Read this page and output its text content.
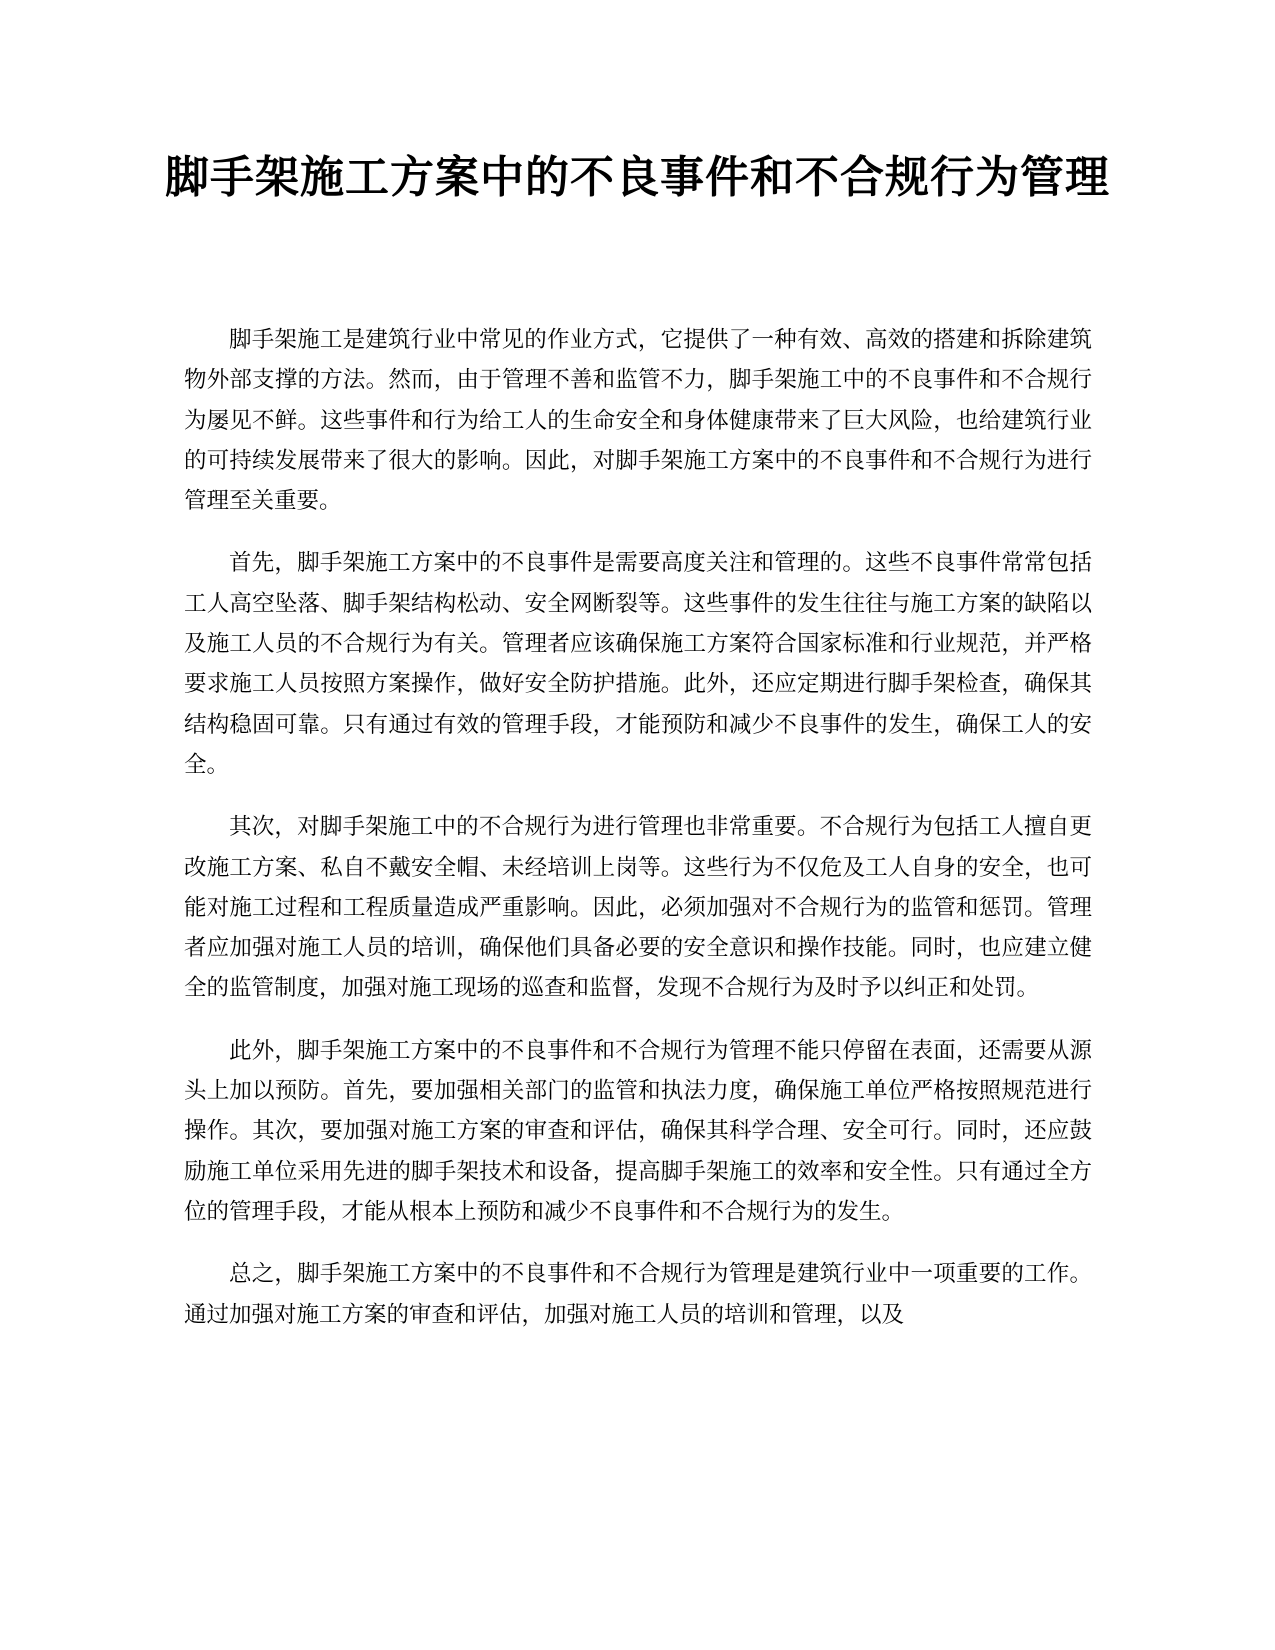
脚手架施工方案中的不良事件和不合规行为管理

脚手架施工是建筑行业中常见的作业方式，它提供了一种有效、高效的搭建和拆除建筑物外部支撑的方法。然而，由于管理不善和监管不力，脚手架施工中的不良事件和不合规行为屡见不鲜。这些事件和行为给工人的生命安全和身体健康带来了巨大风险，也给建筑行业的可持续发展带来了很大的影响。因此，对脚手架施工方案中的不良事件和不合规行为进行管理至关重要。

首先，脚手架施工方案中的不良事件是需要高度关注和管理的。这些不良事件常常包括工人高空坠落、脚手架结构松动、安全网断裂等。这些事件的发生往往与施工方案的缺陷以及施工人员的不合规行为有关。管理者应该确保施工方案符合国家标准和行业规范，并严格要求施工人员按照方案操作，做好安全防护措施。此外，还应定期进行脚手架检查，确保其结构稳固可靠。只有通过有效的管理手段，才能预防和减少不良事件的发生，确保工人的安全。

其次，对脚手架施工中的不合规行为进行管理也非常重要。不合规行为包括工人擅自更改施工方案、私自不戴安全帽、未经培训上岗等。这些行为不仅危及工人自身的安全，也可能对施工过程和工程质量造成严重影响。因此，必须加强对不合规行为的监管和惩罚。管理者应加强对施工人员的培训，确保他们具备必要的安全意识和操作技能。同时，也应建立健全的监管制度，加强对施工现场的巡查和监督，发现不合规行为及时予以纠正和处罚。

此外，脚手架施工方案中的不良事件和不合规行为管理不能只停留在表面，还需要从源头上加以预防。首先，要加强相关部门的监管和执法力度，确保施工单位严格按照规范进行操作。其次，要加强对施工方案的审查和评估，确保其科学合理、安全可行。同时，还应鼓励施工单位采用先进的脚手架技术和设备，提高脚手架施工的效率和安全性。只有通过全方位的管理手段，才能从根本上预防和减少不良事件和不合规行为的发生。

总之，脚手架施工方案中的不良事件和不合规行为管理是建筑行业中一项重要的工作。通过加强对施工方案的审查和评估，加强对施工人员的培训和管理，以及
